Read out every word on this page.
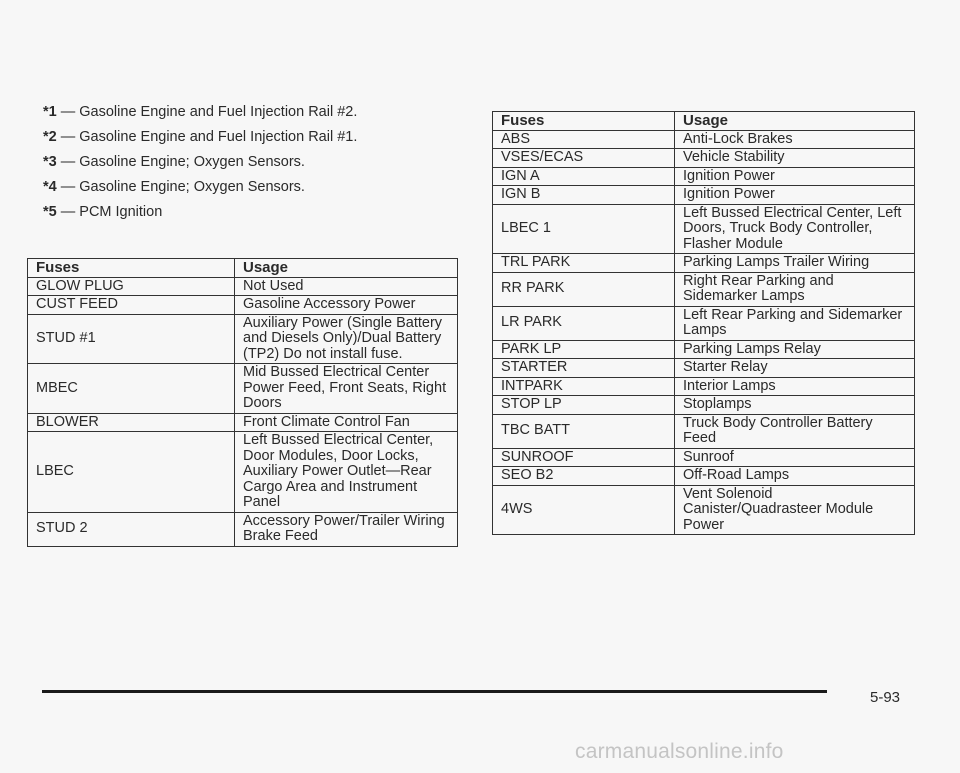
*1 — Gasoline Engine and Fuel Injection Rail #2.
*2 — Gasoline Engine and Fuel Injection Rail #1.
*3 — Gasoline Engine; Oxygen Sensors.
*4 — Gasoline Engine; Oxygen Sensors.
*5 — PCM Ignition
Fuses	Usage
GLOW PLUG	Not Used
CUST FEED	Gasoline Accessory Power
STUD #1	Auxiliary Power (Single Battery and Diesels Only)/Dual Battery (TP2) Do not install fuse.
MBEC	Mid Bussed Electrical Center Power Feed, Front Seats, Right Doors
BLOWER	Front Climate Control Fan
LBEC	Left Bussed Electrical Center, Door Modules, Door Locks, Auxiliary Power Outlet—Rear Cargo Area and Instrument Panel
STUD 2	Accessory Power/Trailer Wiring Brake Feed
Fuses	Usage
ABS	Anti-Lock Brakes
VSES/ECAS	Vehicle Stability
IGN A	Ignition Power
IGN B	Ignition Power
LBEC 1	Left Bussed Electrical Center, Left Doors, Truck Body Controller, Flasher Module
TRL PARK	Parking Lamps Trailer Wiring
RR PARK	Right Rear Parking and Sidemarker Lamps
LR PARK	Left Rear Parking and Sidemarker Lamps
PARK LP	Parking Lamps Relay
STARTER	Starter Relay
INTPARK	Interior Lamps
STOP LP	Stoplamps
TBC BATT	Truck Body Controller Battery Feed
SUNROOF	Sunroof
SEO B2	Off-Road Lamps
4WS	Vent Solenoid Canister/Quadrasteer Module Power
5-93
carmanualsonline.info
